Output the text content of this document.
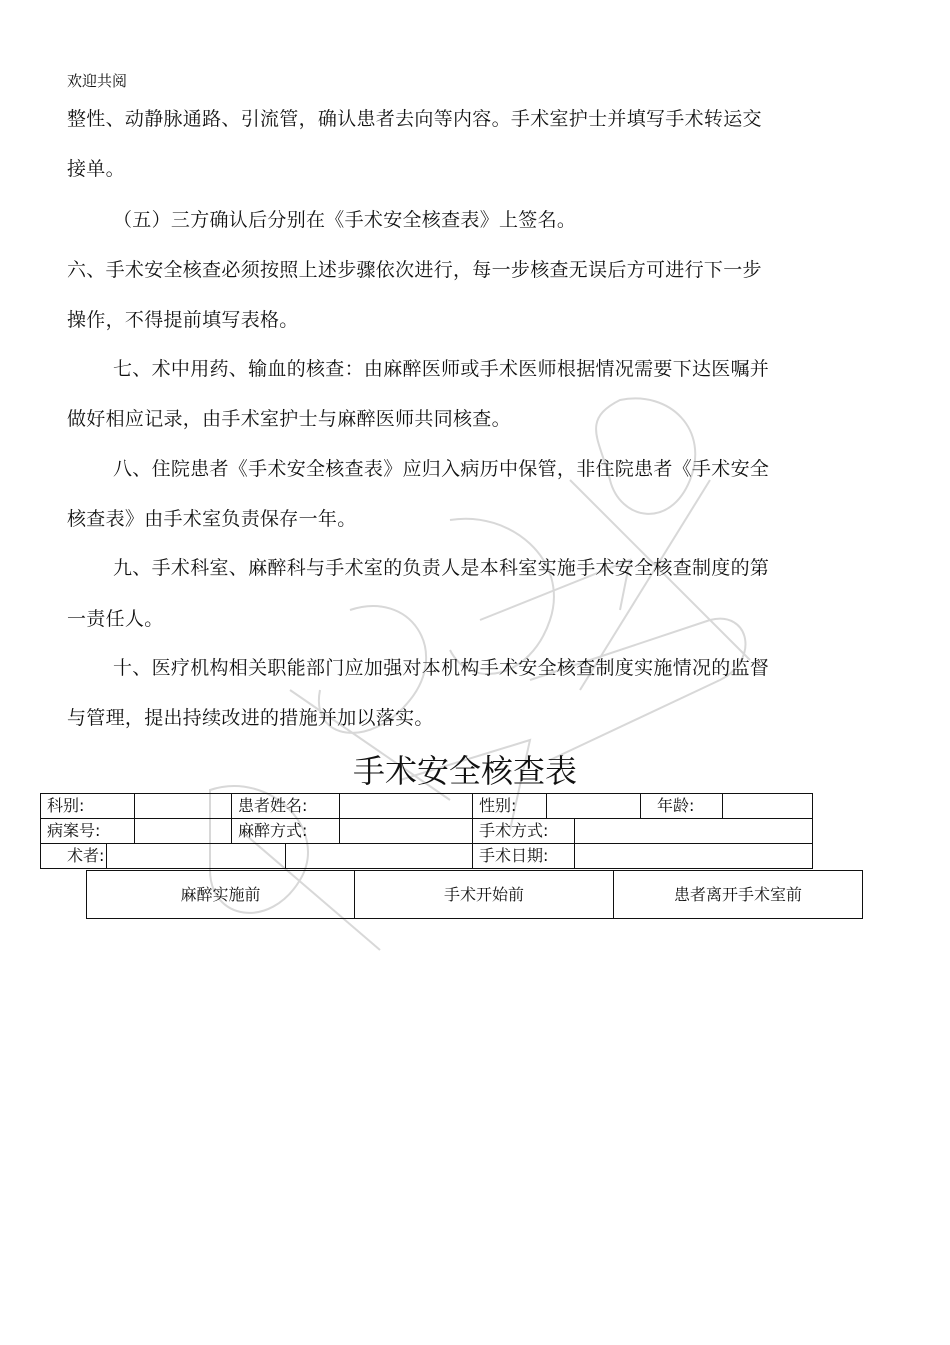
欢迎共阅
整性、动静脉通路、引流管，确认患者去向等内容。手术室护士并填写手术转运交
接单。
（五）三方确认后分别在《手术安全核查表》上签名。
六、手术安全核查必须按照上述步骤依次进行，每一步核查无误后方可进行下一步
操作，不得提前填写表格。
七、术中用药、输血的核查：由麻醉医师或手术医师根据情况需要下达医嘱并
做好相应记录，由手术室护士与麻醉医师共同核查。
八、住院患者《手术安全核查表》应归入病历中保管，非住院患者《手术安全
核查表》由手术室负责保存一年。
九、手术科室、麻醉科与手术室的负责人是本科室实施手术安全核查制度的第
一责任人。
十、医疗机构相关职能部门应加强对本机构手术安全核查制度实施情况的监督
与管理，提出持续改进的措施并加以落实。
手术安全核查表
科别:	患者姓名:	性别:	年龄:
病案号:	麻醉方式:	手术方式:
术者:	手术日期:
麻醉实施前	手术开始前	患者离开手术室前
